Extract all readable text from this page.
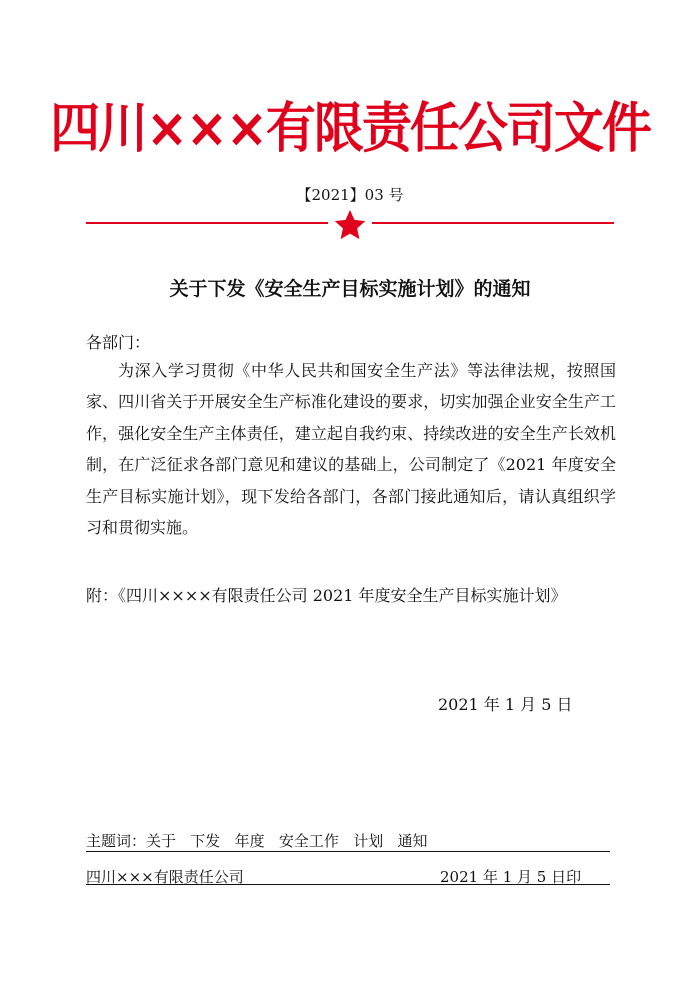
四川×××有限责任公司文件
【2021】03 号
关于下发《安全生产目标实施计划》的通知
各部门：
为深入学习贯彻《中华人民共和国安全生产法》等法律法规，按照国家、四川省关于开展安全生产标准化建设的要求，切实加强企业安全生产工作，强化安全生产主体责任，建立起自我约束、持续改进的安全生产长效机制，在广泛征求各部门意见和建议的基础上，公司制定了《2021 年度安全生产目标实施计划》，现下发给各部门，各部门接此通知后，请认真组织学习和贯彻实施。
附：《四川××××有限责任公司 2021 年度安全生产目标实施计划》
2021 年 1 月 5 日
主题词：关于   下发   年度   安全工作   计划   通知
四川×××有限责任公司	2021 年 1 月 5 日印
